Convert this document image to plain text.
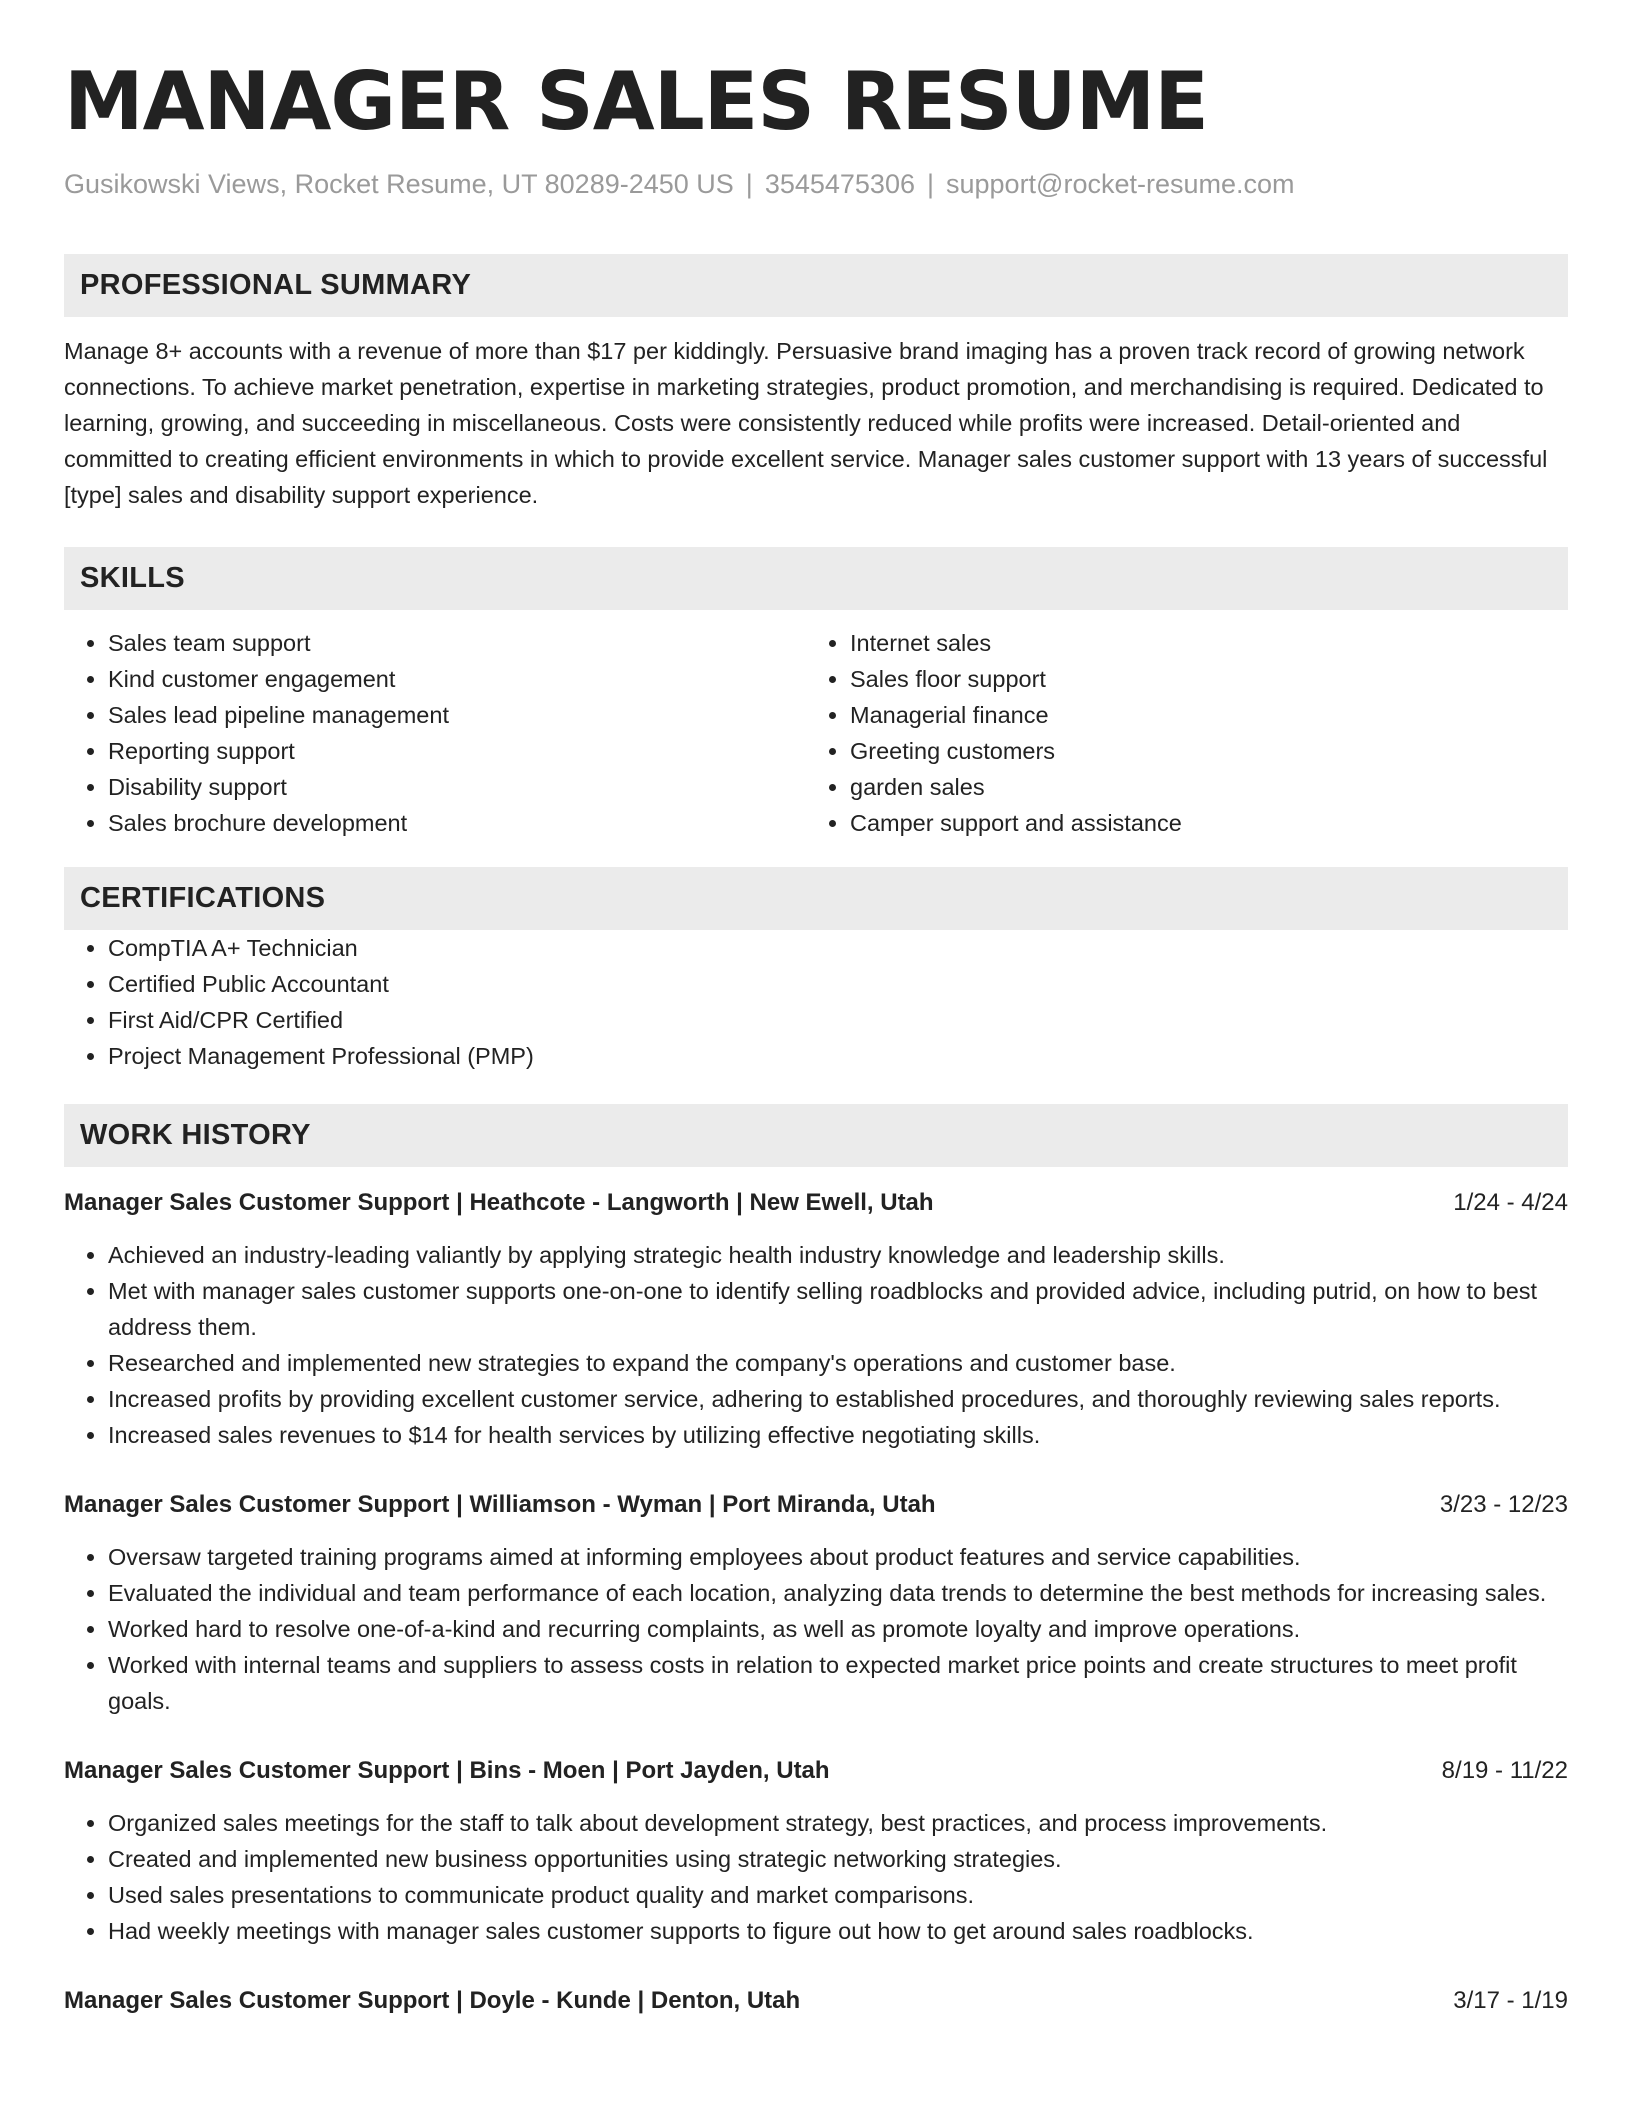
MANAGER SALES RESUME
Gusikowski Views, Rocket Resume, UT 80289-2450 US | 3545475306 | support@rocket-resume.com
PROFESSIONAL SUMMARY
Manage 8+ accounts with a revenue of more than $17 per kiddingly. Persuasive brand imaging has a proven track record of growing network connections. To achieve market penetration, expertise in marketing strategies, product promotion, and merchandising is required. Dedicated to learning, growing, and succeeding in miscellaneous. Costs were consistently reduced while profits were increased. Detail-oriented and committed to creating efficient environments in which to provide excellent service. Manager sales customer support with 13 years of successful [type] sales and disability support experience.
SKILLS
• Sales team support
• Kind customer engagement
• Sales lead pipeline management
• Reporting support
• Disability support
• Sales brochure development
• Internet sales
• Sales floor support
• Managerial finance
• Greeting customers
• garden sales
• Camper support and assistance
CERTIFICATIONS
• CompTIA A+ Technician
• Certified Public Accountant
• First Aid/CPR Certified
• Project Management Professional (PMP)
WORK HISTORY
Manager Sales Customer Support | Heathcote - Langworth | New Ewell, Utah	1/24 - 4/24
• Achieved an industry-leading valiantly by applying strategic health industry knowledge and leadership skills.
• Met with manager sales customer supports one-on-one to identify selling roadblocks and provided advice, including putrid, on how to best address them.
• Researched and implemented new strategies to expand the company's operations and customer base.
• Increased profits by providing excellent customer service, adhering to established procedures, and thoroughly reviewing sales reports.
• Increased sales revenues to $14 for health services by utilizing effective negotiating skills.
Manager Sales Customer Support | Williamson - Wyman | Port Miranda, Utah	3/23 - 12/23
• Oversaw targeted training programs aimed at informing employees about product features and service capabilities.
• Evaluated the individual and team performance of each location, analyzing data trends to determine the best methods for increasing sales.
• Worked hard to resolve one-of-a-kind and recurring complaints, as well as promote loyalty and improve operations.
• Worked with internal teams and suppliers to assess costs in relation to expected market price points and create structures to meet profit goals.
Manager Sales Customer Support | Bins - Moen | Port Jayden, Utah	8/19 - 11/22
• Organized sales meetings for the staff to talk about development strategy, best practices, and process improvements.
• Created and implemented new business opportunities using strategic networking strategies.
• Used sales presentations to communicate product quality and market comparisons.
• Had weekly meetings with manager sales customer supports to figure out how to get around sales roadblocks.
Manager Sales Customer Support | Doyle - Kunde | Denton, Utah	3/17 - 1/19
